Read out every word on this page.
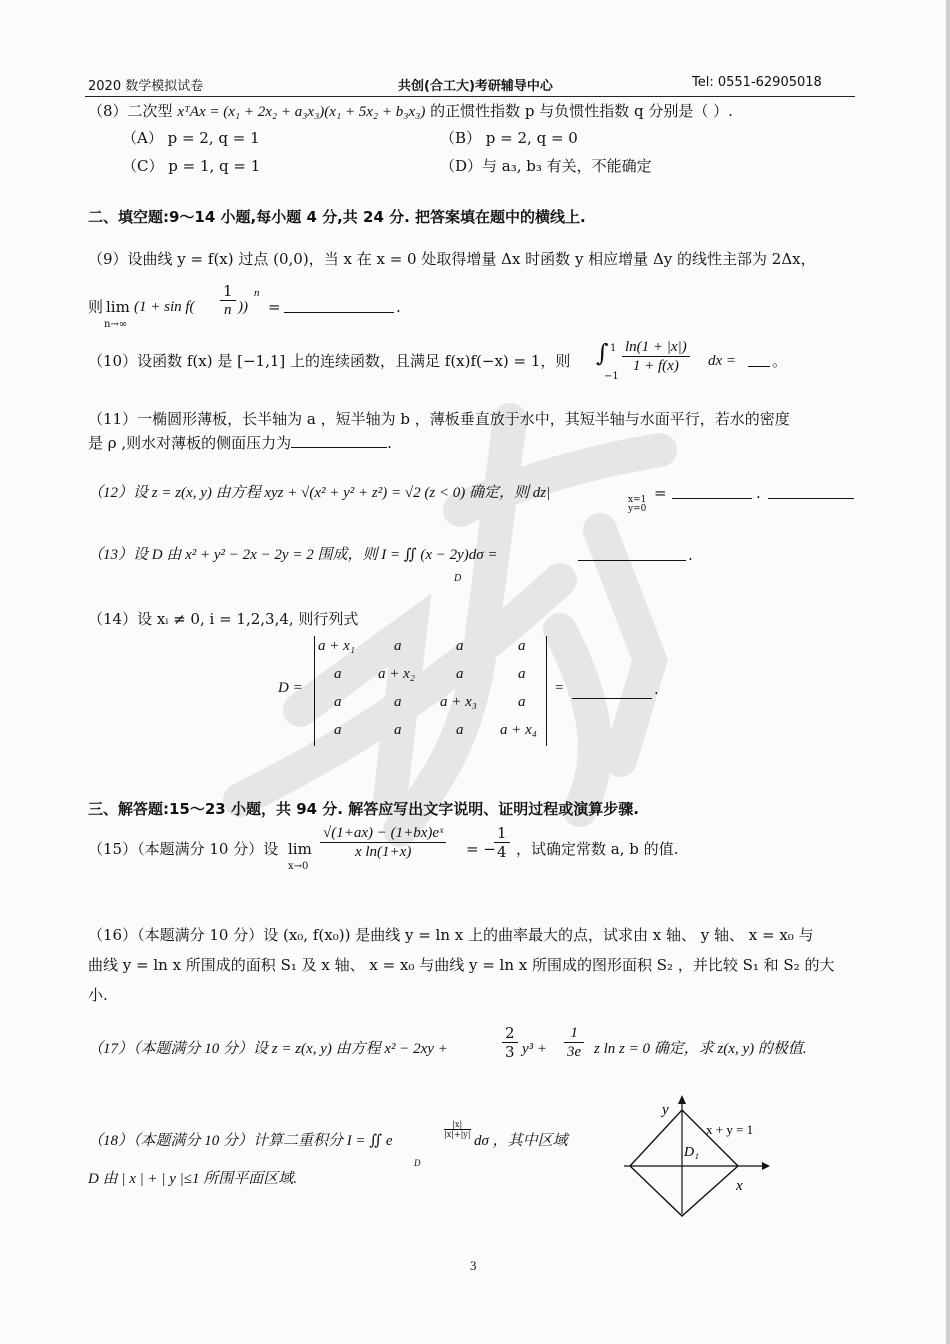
2020 数学模拟试卷	共创(合工大)考研辅导中心	Tel: 0551-62905018
（8）二次型 xᵀAx = (x₁ + 2x₂ + a₃x₃)(x₁ + 5x₂ + b₃x₃) 的正惯性指数 p 与负惯性指数 q 分别是（ ）.
（A） p = 2, q = 1	（B） p = 2, q = 0
（C） p = 1, q = 1	（D）与 a₃, b₃ 有关，不能确定
二、填空题:9～14 小题,每小题 4 分,共 24 分. 把答案填在题中的横线上.
（9）设曲线 y = f(x) 过点 (0,0)，当 x 在 x = 0 处取得增量 Δx 时函数 y 相应增量 Δy 的线性主部为 2Δx，
则 lim
n→∞
($1 + \sin f( \frac{1}{n}$ ))
n
=	.
（10）设函数 f(x) 是 [−1,1] 上的连续函数，且满足 f(x)f(−x) = 1，则 ∫ 1
−1
$\frac{\ln(1 + |x|)}{1 + f(x)}$ dx = 。
（11）一椭圆形薄板，长半轴为 a ，短半轴为 b ，薄板垂直放于水中，其短半轴与水面平行，若水的密度
是 ρ ,则水对薄板的侧面压力为	.
（12）设 z = z(x, y) 由方程 xyz + √(x² + y² + z²) = √2 (z < 0) 确定，则 dz|	x=1
y=0
=	.
（13）设 D 由 x² + y² − 2x − 2y = 2 围成，则 I = ∬ (x − 2y)dσ =
D
.
（14）设 xᵢ ≠ 0, i = 1,2,3,4, 则行列式
D =
a + x₁	a	a	a
a a + x₂	a	a
a	a	a + x₃	a
a	a	a a + x₄
=	.
三、解答题:15～23 小题，共 94 分. 解答应写出文字说明、证明过程或演算步骤.
（15）（本题满分 10 分）设 lim
x→0
$\frac{\text{√(1+ax) − (1+bx)eˣ}}{\text{x ln(1+x)}}$ = −
$\frac{1}{4}$ ，试确定常数 a, b 的值.
（16）（本题满分 10 分）设 (x₀, f(x₀)) 是曲线 y = ln x 上的曲率最大的点，试求由 x 轴、 y 轴、 x = x₀ 与
曲线 y = ln x 所围成的面积 S₁ 及 x 轴、 x = x₀ 与曲线 y = ln x 所围成的图形面积 S₂ ，并比较 S₁ 和 S₂ 的大
小.
（17）（本题满分 10 分）设 z = z(x, y) 由方程 x² − 2xy +	$\frac{2}{3} y^3 + \frac{1}{3e}$ z ln z = 0 确定，求 z(x, y) 的极值.
（18）（本题满分 10 分）计算二重积分 I = ∬ e
$\frac{|x|}{|x|+|y|}$
dσ ，其中区域
D
D 由 | x | + | y |≤1 所围平面区域.
y
x
x + y = 1
D₁
3
